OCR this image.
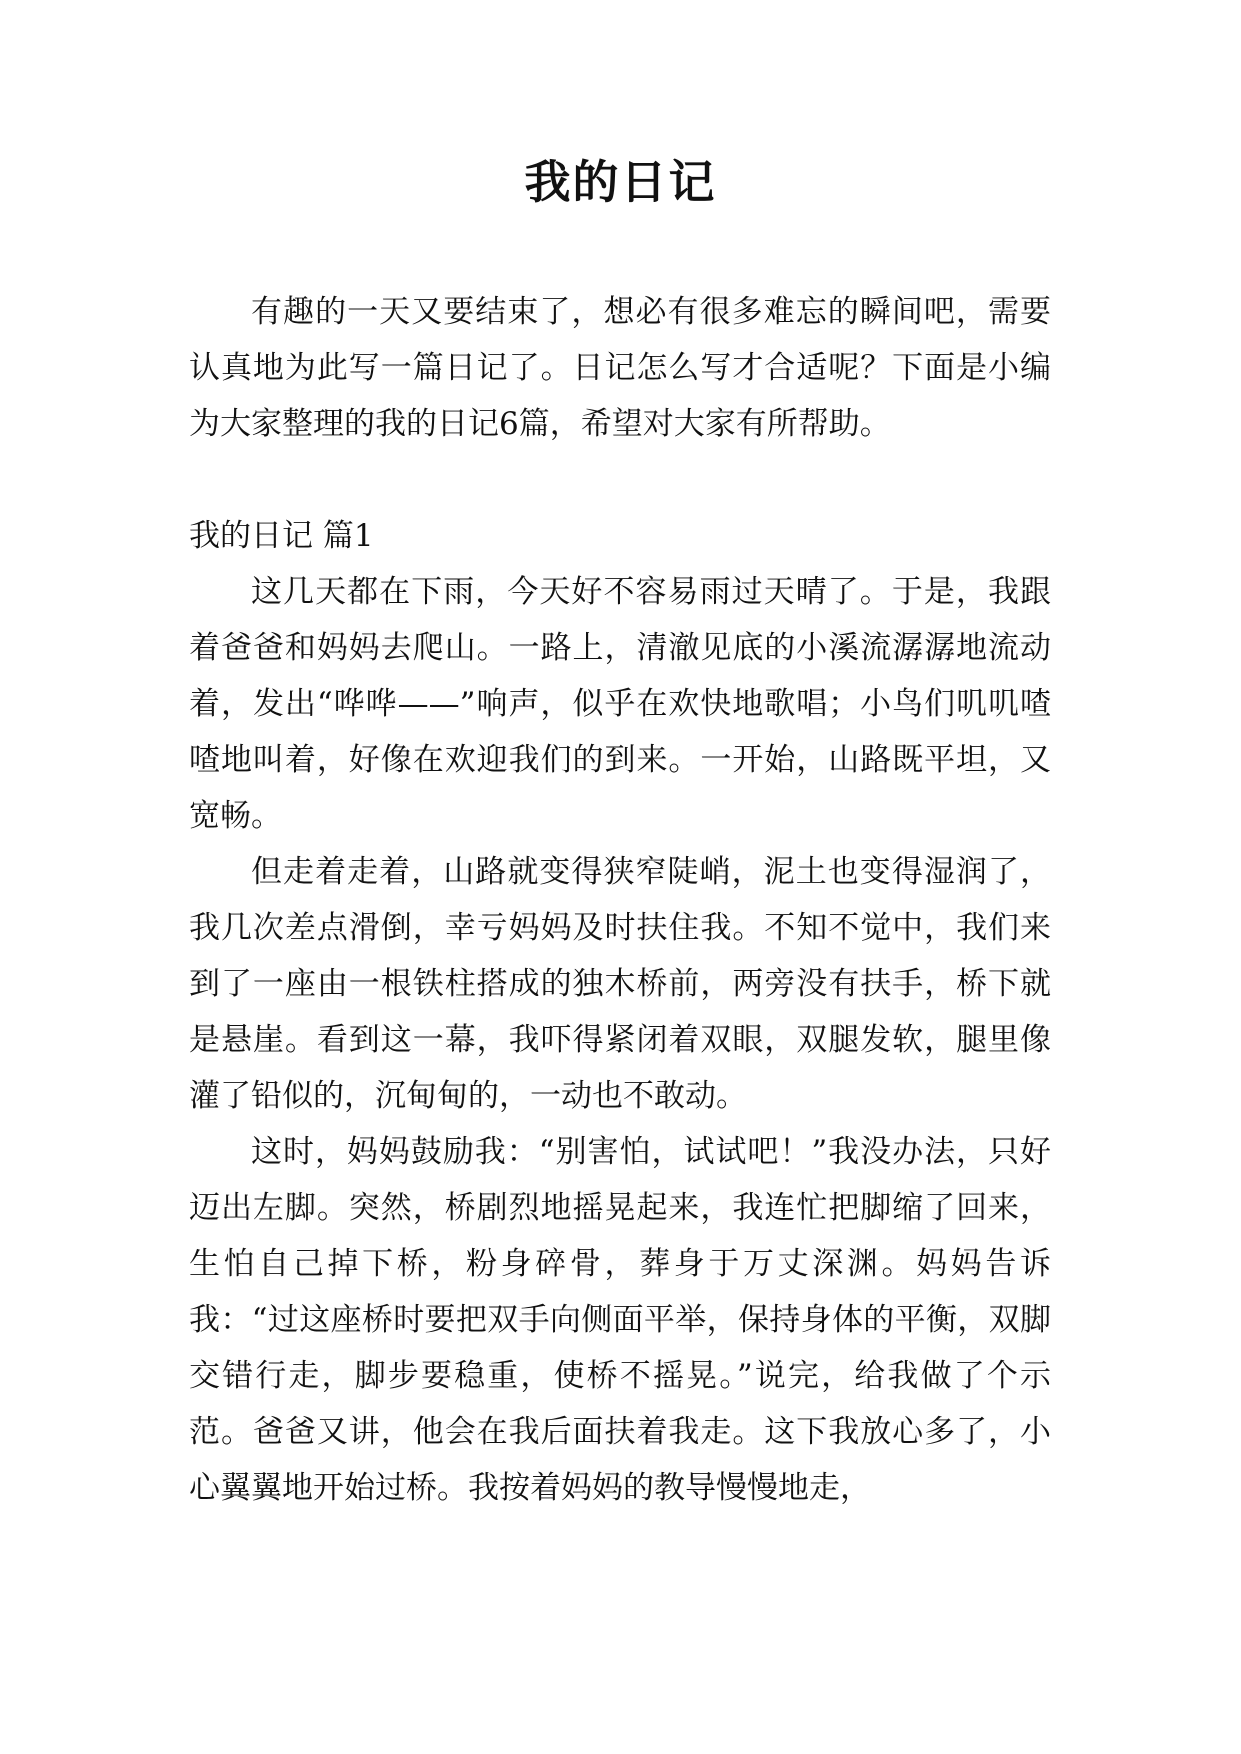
我的日记

有趣的一天又要结束了，想必有很多难忘的瞬间吧，需要认真地为此写一篇日记了。日记怎么写才合适呢？下面是小编为大家整理的我的日记6篇，希望对大家有所帮助。

我的日记 篇1

这几天都在下雨，今天好不容易雨过天晴了。于是，我跟着爸爸和妈妈去爬山。一路上，清澈见底的小溪流潺潺地流动着，发出“哗哗——”响声，似乎在欢快地歌唱；小鸟们叽叽喳喳地叫着，好像在欢迎我们的到来。一开始，山路既平坦，又宽畅。

但走着走着，山路就变得狭窄陡峭，泥土也变得湿润了，我几次差点滑倒，幸亏妈妈及时扶住我。不知不觉中，我们来到了一座由一根铁柱搭成的独木桥前，两旁没有扶手，桥下就是悬崖。看到这一幕，我吓得紧闭着双眼，双腿发软，腿里像灌了铅似的，沉甸甸的，一动也不敢动。

这时，妈妈鼓励我：“别害怕，试试吧！”我没办法，只好迈出左脚。突然，桥剧烈地摇晃起来，我连忙把脚缩了回来，生怕自己掉下桥，粉身碎骨，葬身于万丈深渊。妈妈告诉我：“过这座桥时要把双手向侧面平举，保持身体的平衡，双脚交错行走，脚步要稳重，使桥不摇晃。”说完，给我做了个示范。爸爸又讲，他会在我后面扶着我走。这下我放心多了，小心翼翼地开始过桥。我按着妈妈的教导慢慢地走，
